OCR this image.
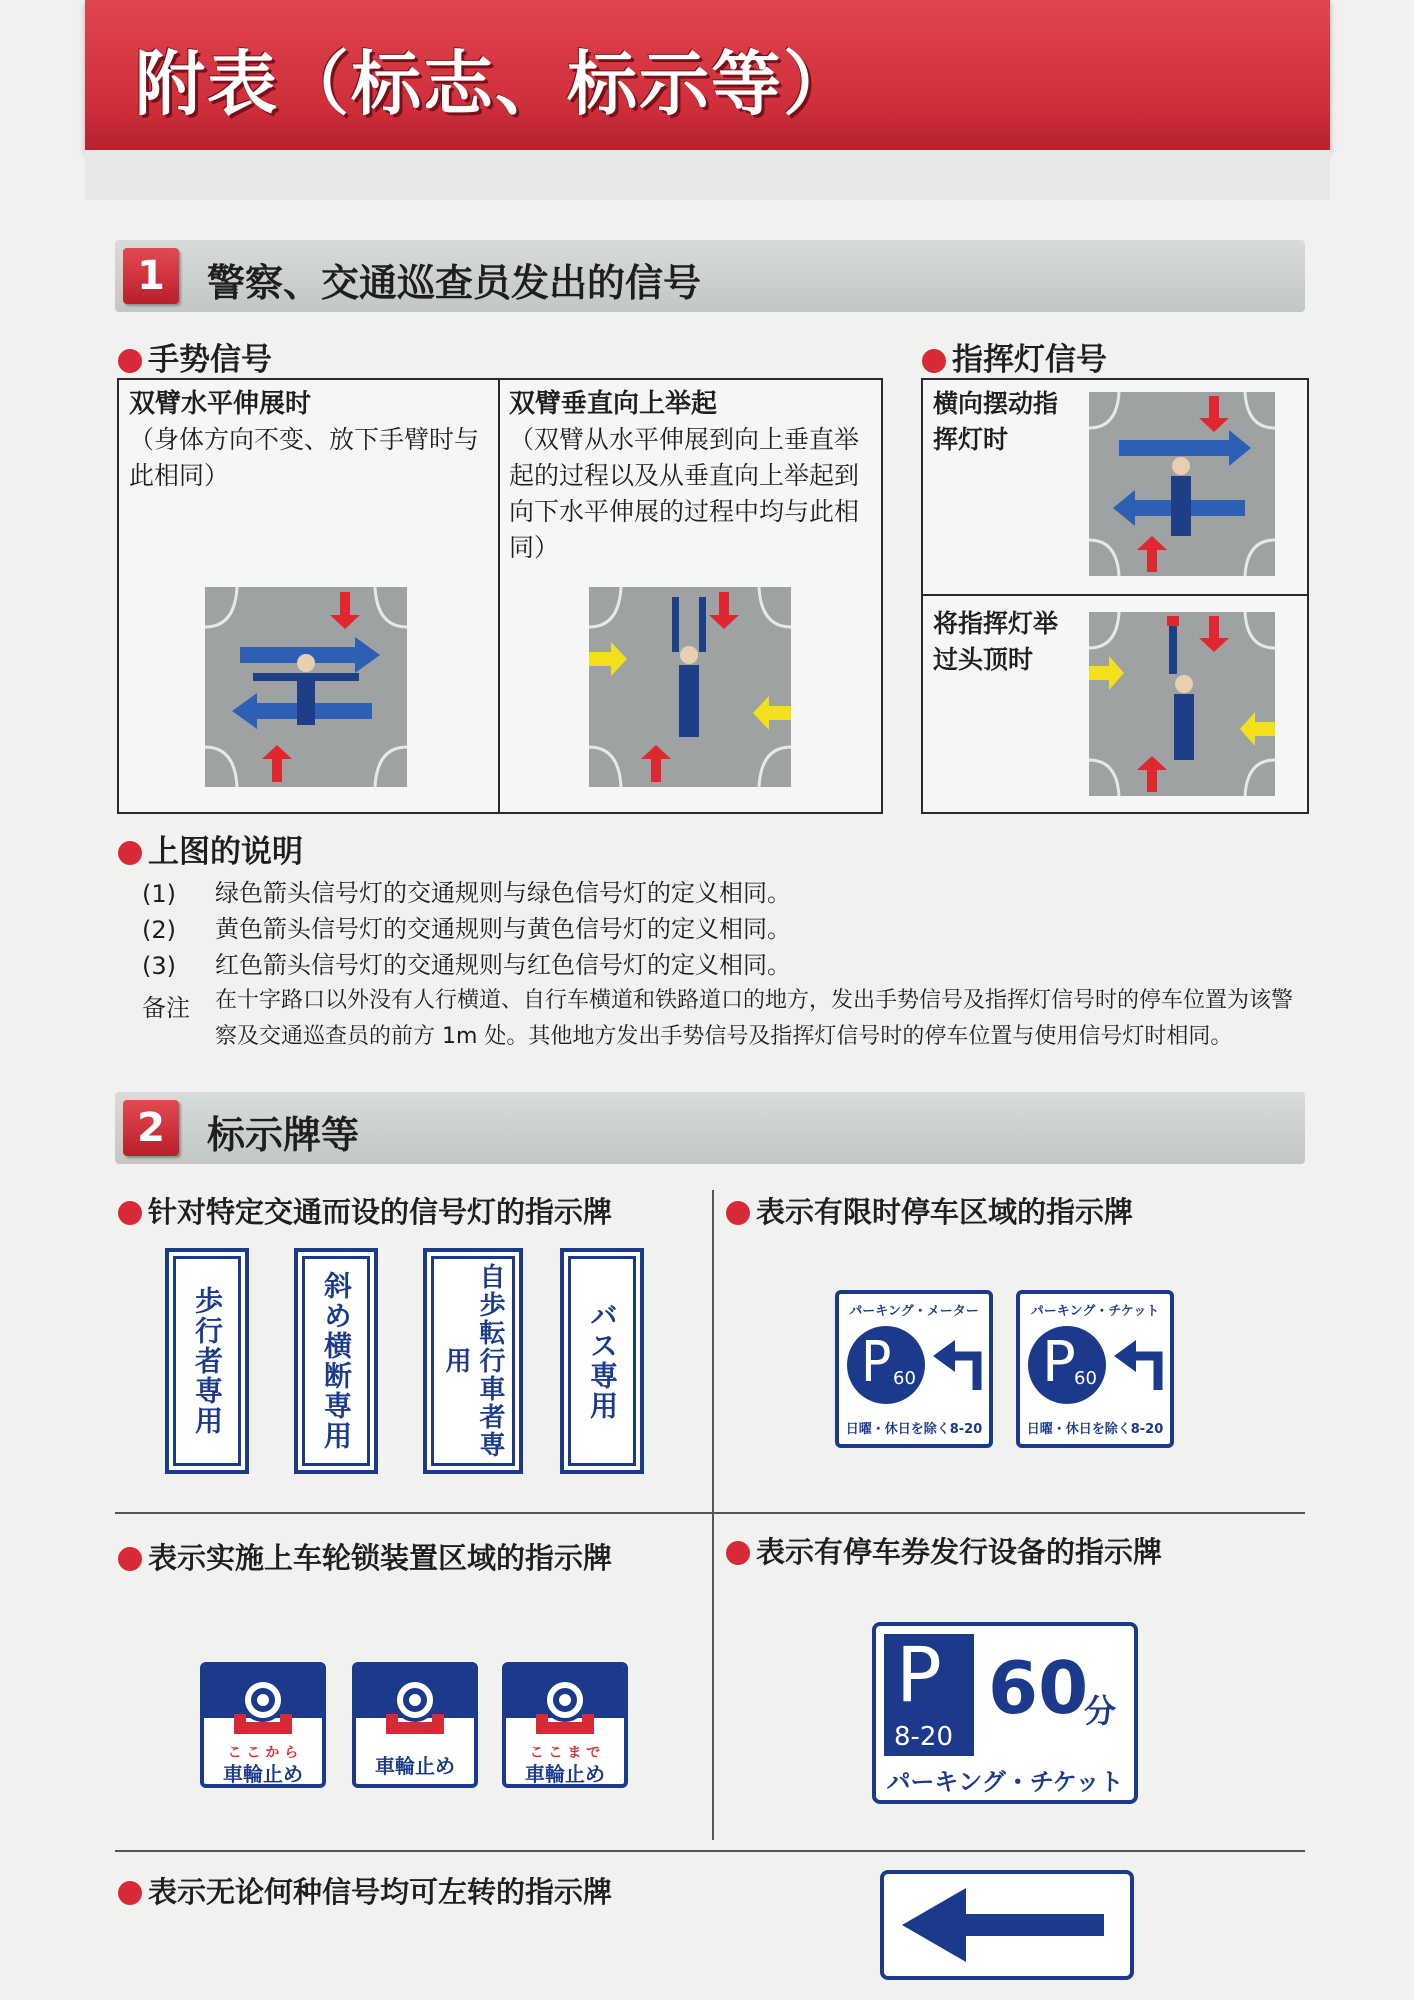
附表（标志、标示等）
1	警察、交通巡查员发出的信号
手势信号	指挥灯信号
双臂水平伸展时
（身体方向不变、放下手臂时与此相同）
双臂垂直向上举起
（双臂从水平伸展到向上垂直举起的过程以及从垂直向上举起到向下水平伸展的过程中均与此相同）
横向摆动指挥灯时
将指挥灯举过头顶时
上图的说明
(1) 绿色箭头信号灯的交通规则与绿色信号灯的定义相同。
(2) 黄色箭头信号灯的交通规则与黄色信号灯的定义相同。
(3) 红色箭头信号灯的交通规则与红色信号灯的定义相同。
备注 在十字路口以外没有人行横道、自行车横道和铁路道口的地方，发出手势信号及指挥灯信号时的停车位置为该警察及交通巡查员的前方 1m 处。其他地方发出手势信号及指挥灯信号时的停车位置与使用信号灯时相同。
2	标示牌等
针对特定交通而设的信号灯的指示牌
歩行者専用	斜め横断専用	自歩転行車者専用	バス専用
表示有限时停车区域的指示牌
パーキング・メーター
P 60
日曜・休日を除く8-20
パーキング・チケット
P
60
日曜・休日を除く8-20
表示实施上车轮锁装置区域的指示牌
こ こ か ら
車輪止め	車輪止め
こ こ ま で
車輪止め
表示有停车券发行设备的指示牌
P
8-20
60
分
パーキング・チケット
表示无论何种信号均可左转的指示牌
